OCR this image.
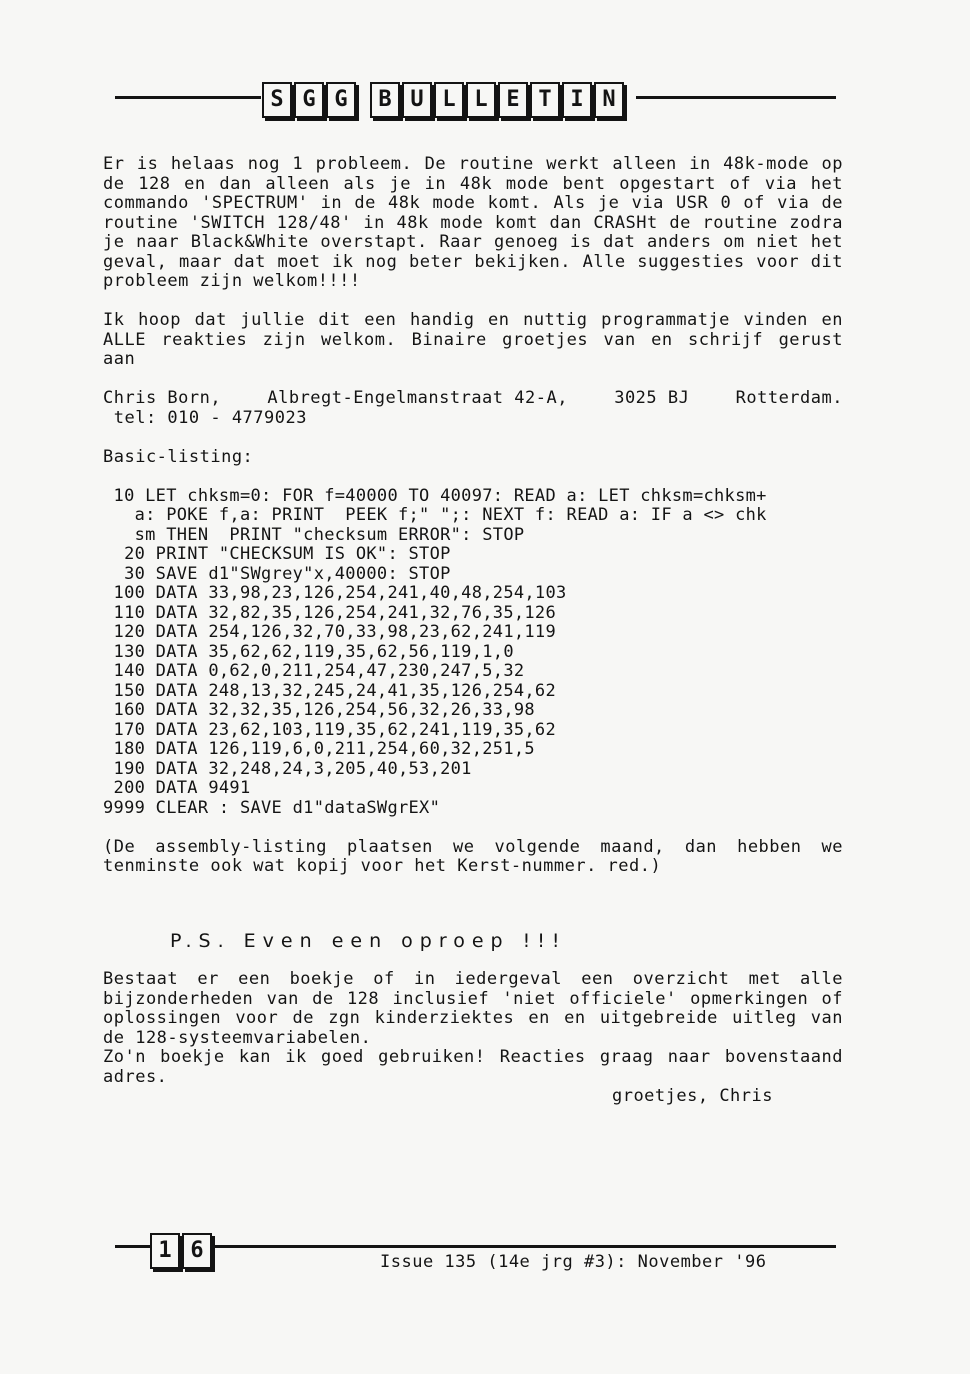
S G G	B U L L E T I N

Er is helaas nog 1 probleem. De routine werkt alleen in 48k-mode op de 128 en dan alleen als je in 48k mode bent opgestart of via het commando 'SPECTRUM' in de 48k mode komt. Als je via USR 0 of via de routine 'SWITCH 128/48' in 48k mode komt dan CRASHt de routine zodra je naar Black&White overstapt. Raar genoeg is dat anders om niet het geval, maar dat moet ik nog beter bekijken. Alle suggesties voor dit probleem zijn welkom!!!!

Ik hoop dat jullie dit een handig en nuttig programmatje vinden en ALLE reakties zijn welkom. Binaire groetjes van en schrijf gerust aan

Chris Born,	Albregt-Engelmanstraat 42-A,	3025 BJ	Rotterdam.
tel: 010 - 4779023
Basic-listing:
10 LET chksm=0: FOR f=40000 TO 40097: READ a: LET chksm=chksm+
a: POKE f,a: PRINT  PEEK f;" ";: NEXT f: READ a: IF a <> chk
sm THEN  PRINT "checksum ERROR": STOP
20 PRINT "CHECKSUM IS OK": STOP
30 SAVE d1"SWgrey"x,40000: STOP
100 DATA 33,98,23,126,254,241,40,48,254,103
110 DATA 32,82,35,126,254,241,32,76,35,126
120 DATA 254,126,32,70,33,98,23,62,241,119
130 DATA 35,62,62,119,35,62,56,119,1,0
140 DATA 0,62,0,211,254,47,230,247,5,32
150 DATA 248,13,32,245,24,41,35,126,254,62
160 DATA 32,32,35,126,254,56,32,26,33,98
170 DATA 23,62,103,119,35,62,241,119,35,62
180 DATA 126,119,6,0,211,254,60,32,251,5
190 DATA 32,248,24,3,205,40,53,201
200 DATA 9491
9999 CLEAR : SAVE d1"dataSWgrEX"

(De assembly-listing plaatsen we volgende maand, dan hebben we tenminste ook wat kopij voor het Kerst-nummer. red.)

P.S. Even een oproep !!!

Bestaat er een boekje of in iedergeval een overzicht met alle bijzonderheden van de 128 inclusief 'niet officiele' opmerkingen of oplossingen voor de zgn kinderziektes en en uitgebreide uitleg van de 128-systeemvariabelen.

Zo'n boekje kan ik goed gebruiken! Reacties graag naar bovenstaand adres.

groetjes, Chris
1 6	Issue 135 (14e jrg #3): November '96
